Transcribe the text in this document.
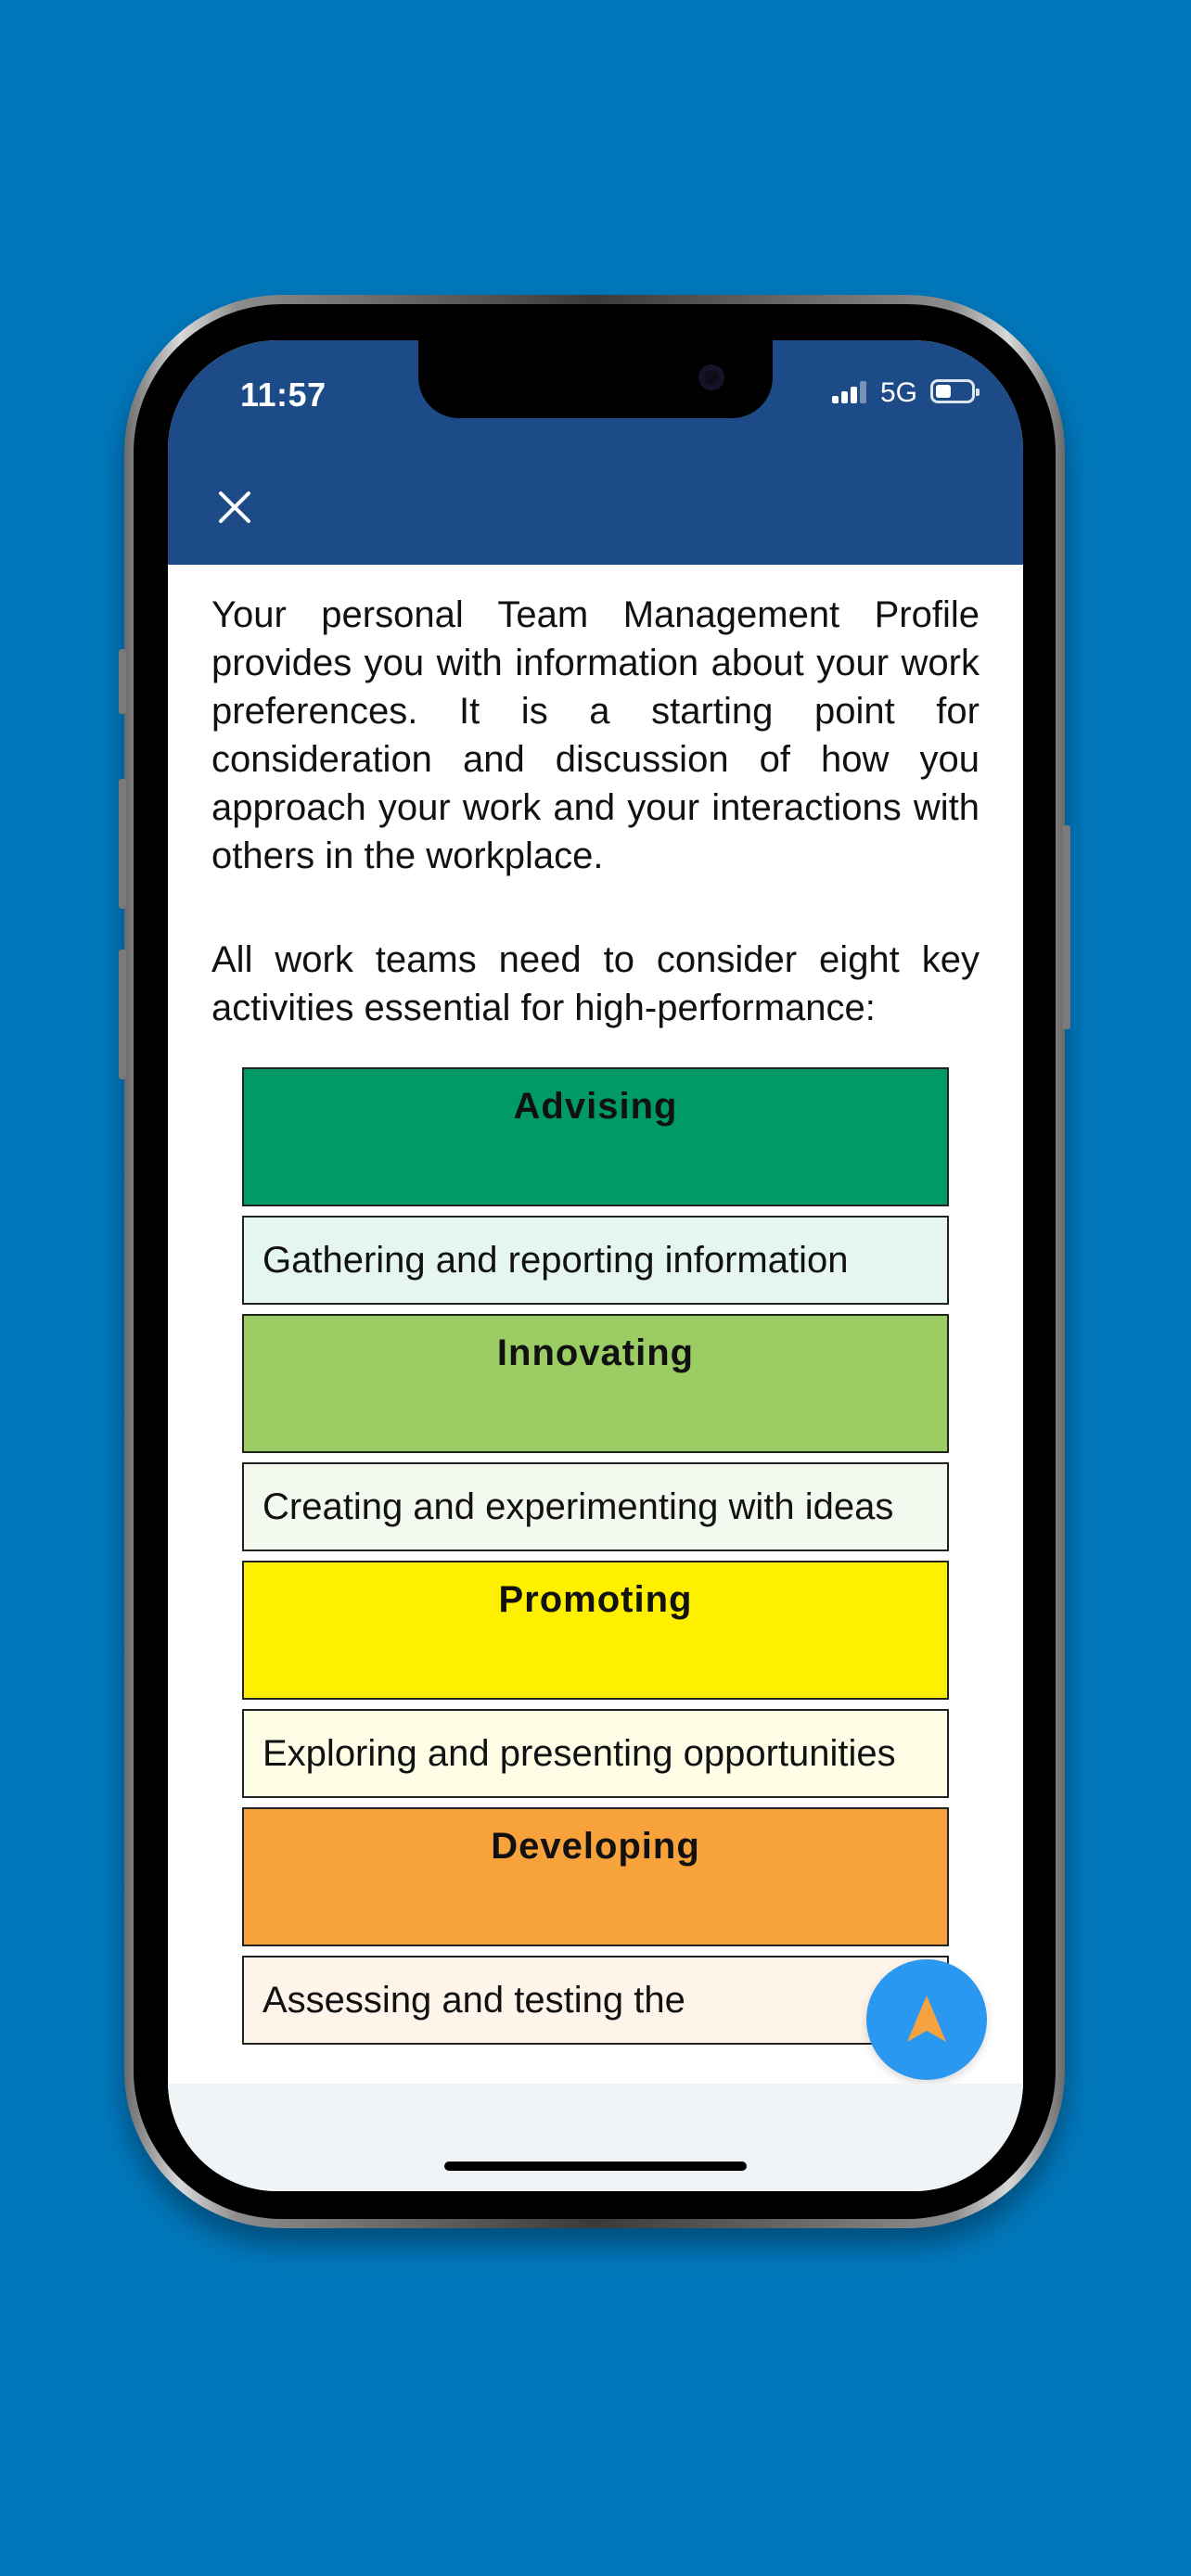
11:57	5G

Your personal Team Management Profile provides you with information about your work preferences. It is a starting point for consideration and discussion of how you approach your work and your interactions with others in the workplace.

All work teams need to consider eight key activities essential for high-performance:

Advising
Gathering and reporting information
Innovating
Creating and experimenting with ideas
Promoting
Exploring and presenting opportunities
Developing
Assessing and testing the
